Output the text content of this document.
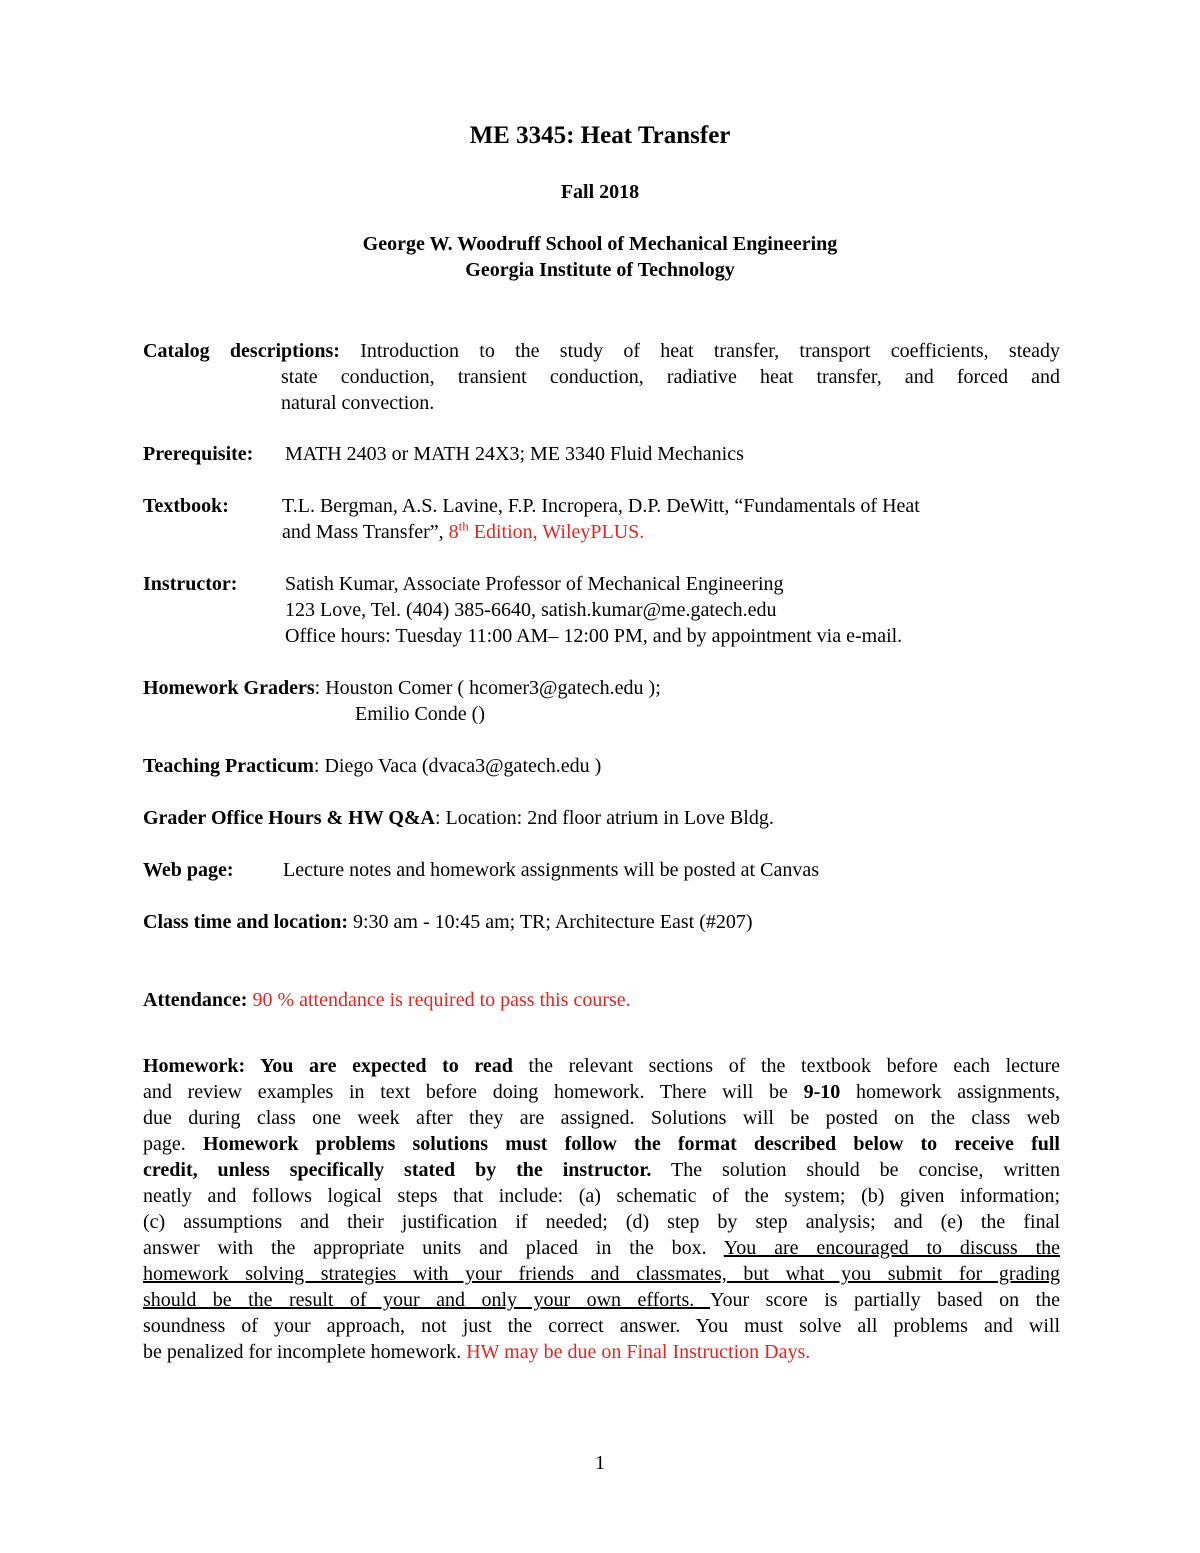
ME 3345: Heat Transfer
Fall 2018
George W. Woodruff School of Mechanical Engineering
Georgia Institute of Technology
Catalog descriptions: Introduction to the study of heat transfer, transport coefficients, steady
state conduction, transient conduction, radiative heat transfer, and forced and
natural convection.
Prerequisite: MATH 2403 or MATH 24X3; ME 3340 Fluid Mechanics
Textbook:	T.L. Bergman, A.S. Lavine, F.P. Incropera, D.P. DeWitt, “Fundamentals of Heat
and Mass Transfer”, 8th Edition, WileyPLUS.
Instructor: Satish Kumar, Associate Professor of Mechanical Engineering
123 Love, Tel. (404) 385-6640, satish.kumar@me.gatech.edu
Office hours: Tuesday 11:00 AM– 12:00 PM, and by appointment via e-mail.
Homework Graders: Houston Comer ( hcomer3@gatech.edu );
Emilio Conde ()
Teaching Practicum: Diego Vaca (dvaca3@gatech.edu )
Grader Office Hours & HW Q&A: Location: 2nd floor atrium in Love Bldg.
Web page: Lecture notes and homework assignments will be posted at Canvas
Class time and location: 9:30 am - 10:45 am; TR; Architecture East (#207)
Attendance: 90 % attendance is required to pass this course.
Homework: You are expected to read the relevant sections of the textbook before each lecture
and review examples in text before doing homework. There will be 9-10 homework assignments,
due during class one week after they are assigned. Solutions will be posted on the class web
page. Homework problems solutions must follow the format described below to receive full
credit, unless specifically stated by the instructor. The solution should be concise, written
neatly and follows logical steps that include: (a) schematic of the system; (b) given information;
(c) assumptions and their justification if needed; (d) step by step analysis; and (e) the final
answer with the appropriate units and placed in the box. You are encouraged to discuss the
homework solving strategies with your friends and classmates, but what you submit for grading
should be the result of your and only your own efforts. Your score is partially based on the
soundness of your approach, not just the correct answer. You must solve all problems and will
be penalized for incomplete homework. HW may be due on Final Instruction Days.
1
